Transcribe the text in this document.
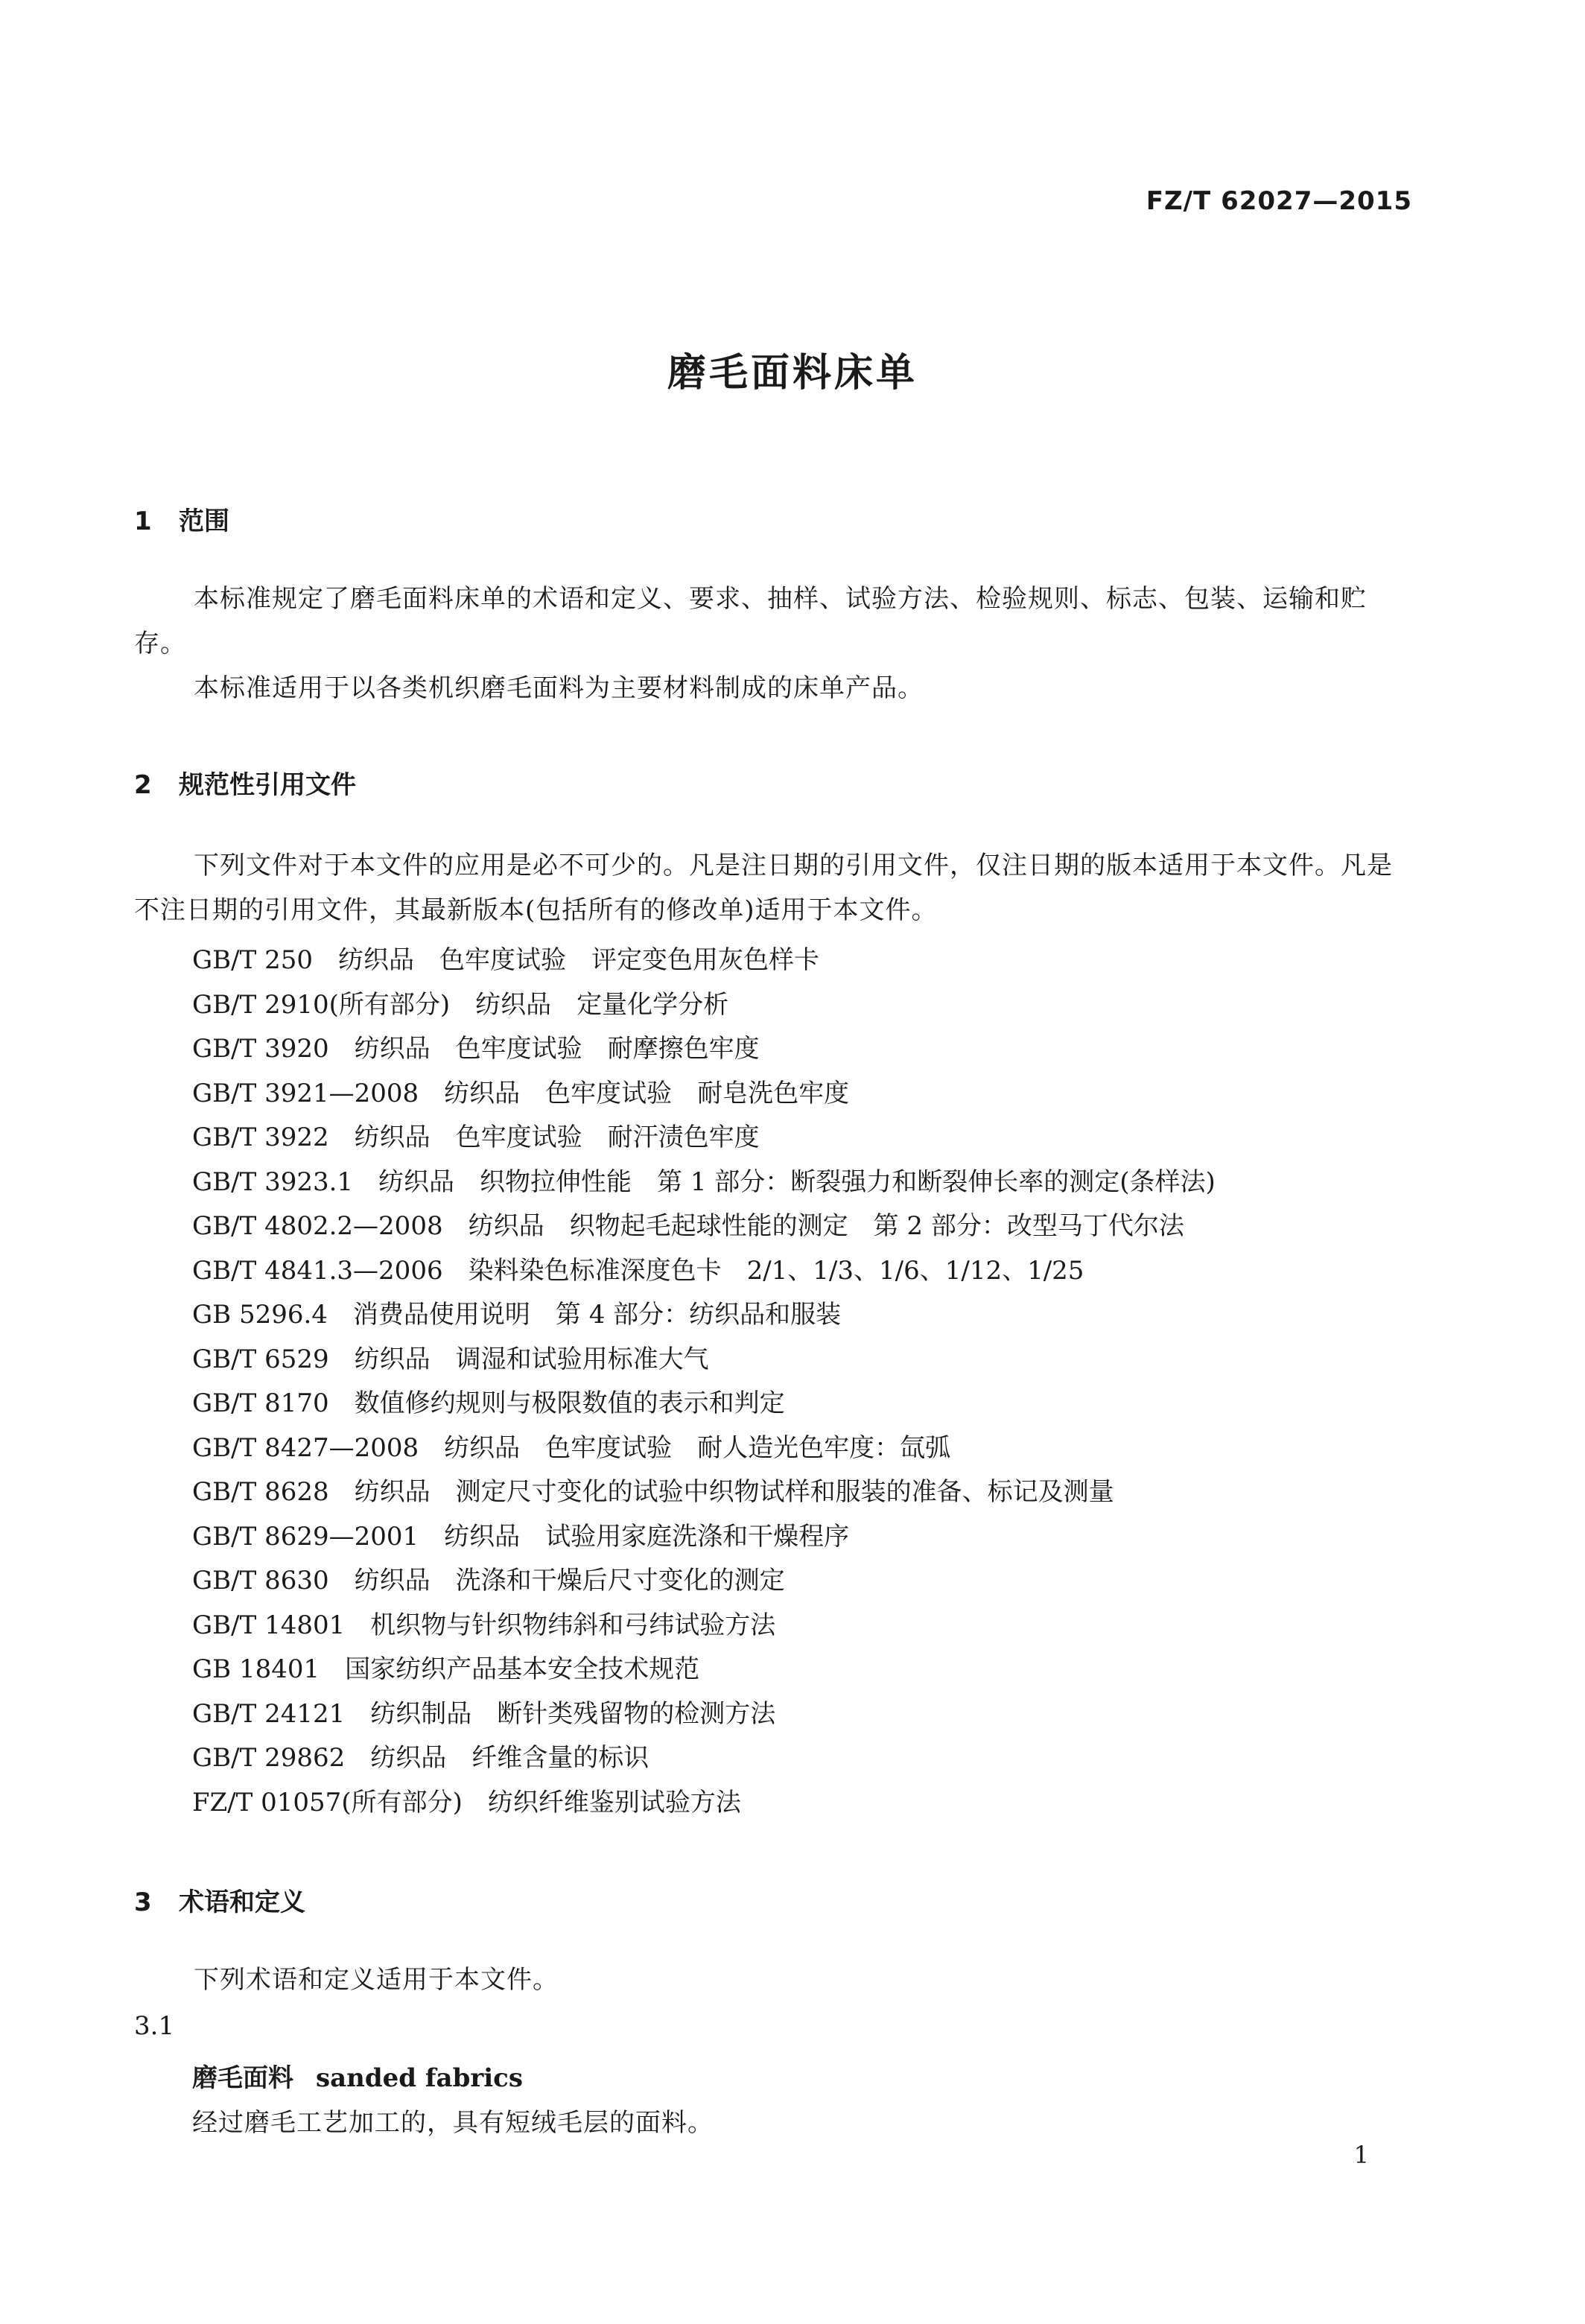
FZ/T 62027—2015
磨毛面料床单
1 范围
本标准规定了磨毛面料床单的术语和定义、要求、抽样、试验方法、检验规则、标志、包装、运输和贮存。
本标准适用于以各类机织磨毛面料为主要材料制成的床单产品。
2 规范性引用文件
下列文件对于本文件的应用是必不可少的。凡是注日期的引用文件，仅注日期的版本适用于本文件。凡是不注日期的引用文件，其最新版本(包括所有的修改单)适用于本文件。
GB/T 250　纺织品　色牢度试验　评定变色用灰色样卡
GB/T 2910(所有部分)　纺织品　定量化学分析
GB/T 3920　纺织品　色牢度试验　耐摩擦色牢度
GB/T 3921—2008　纺织品　色牢度试验　耐皂洗色牢度
GB/T 3922　纺织品　色牢度试验　耐汗渍色牢度
GB/T 3923.1　纺织品　织物拉伸性能　第 1 部分：断裂强力和断裂伸长率的测定(条样法)
GB/T 4802.2—2008　纺织品　织物起毛起球性能的测定　第 2 部分：改型马丁代尔法
GB/T 4841.3—2006　染料染色标准深度色卡　2/1、1/3、1/6、1/12、1/25
GB 5296.4　消费品使用说明　第 4 部分：纺织品和服装
GB/T 6529　纺织品　调湿和试验用标准大气
GB/T 8170　数值修约规则与极限数值的表示和判定
GB/T 8427—2008　纺织品　色牢度试验　耐人造光色牢度：氙弧
GB/T 8628　纺织品　测定尺寸变化的试验中织物试样和服装的准备、标记及测量
GB/T 8629—2001　纺织品　试验用家庭洗涤和干燥程序
GB/T 8630　纺织品　洗涤和干燥后尺寸变化的测定
GB/T 14801　机织物与针织物纬斜和弓纬试验方法
GB 18401　国家纺织产品基本安全技术规范
GB/T 24121　纺织制品　断针类残留物的检测方法
GB/T 29862　纺织品　纤维含量的标识
FZ/T 01057(所有部分)　纺织纤维鉴别试验方法
3 术语和定义
下列术语和定义适用于本文件。
3.1
磨毛面料 sanded fabrics
经过磨毛工艺加工的，具有短绒毛层的面料。
1
